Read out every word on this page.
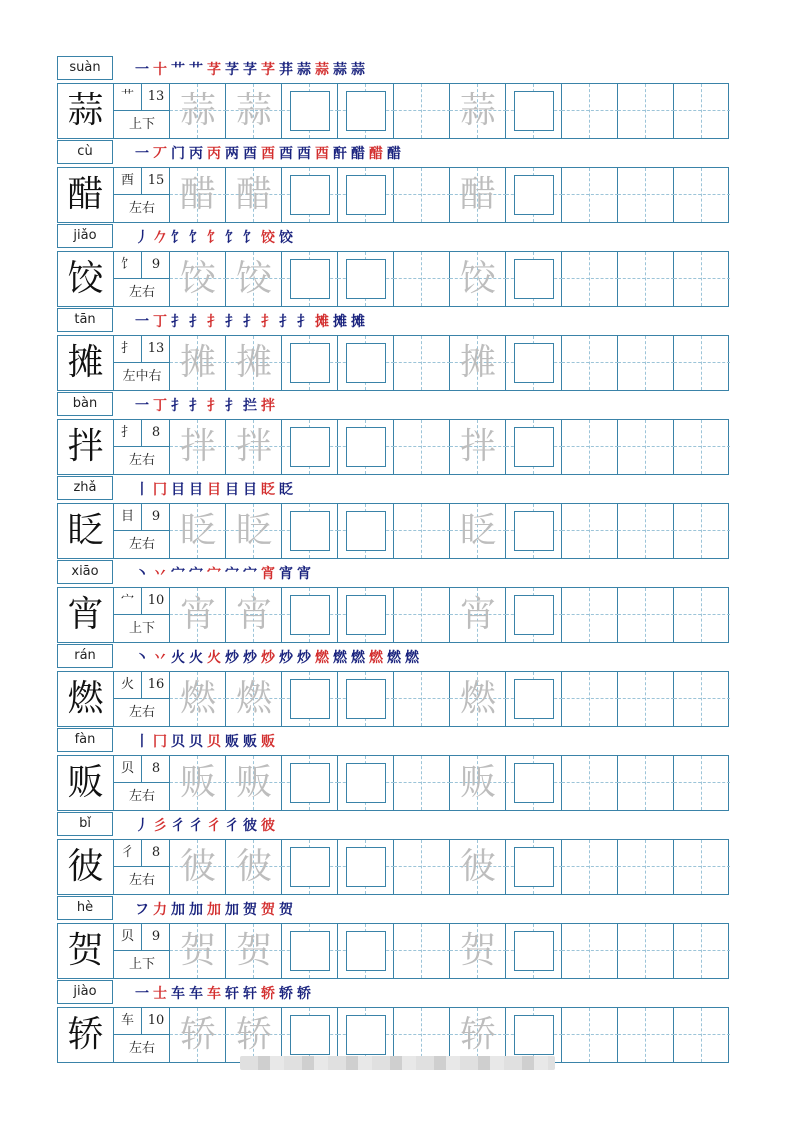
suàn	一 十 艹 艹 芓 芓 芓 芓 荓 蒜 蒜 蒜 蒜
蒜	艹	13
上下 蒜 蒜	蒜
cù	一 丆 门 丙 丙 两 酉 酉 酉 酉 酉 酐 醋 醋 醋
醋	酉	15
左右 醋 醋	醋
jiǎo	丿 𠂊 饣 饣 饣 饣 饣 饺 饺
饺	饣	9
左右 饺 饺	饺
tān	一 丁 扌 扌 扌 扌 扌 扌 扌 扌 摊 摊 摊
摊	扌	13
左中右 摊 摊	摊
bàn	一 丁 扌 扌 扌 扌 拦 拌
拌	扌	8
左右 拌 拌	拌
zhǎ	丨 冂 目 目 目 目 目 眨 眨
眨	目	9
左右 眨 眨	眨
xiāo	丶 丷 宀 宀 宀 宀 宀 宵 宵 宵
宵	宀	10
上下 宵 宵	宵
rán	丶 丷 火 火 火 炒 炒 炒 炒 炒 燃 燃 燃 燃 燃 燃
燃	火	16
左右 燃 燃	燃
fàn	丨 冂 贝 贝 贝 贩 贩 贩
贩	贝	8
左右 贩 贩	贩
bǐ	丿 彡 彳 彳 彳 彳 彼 彼
彼	彳	8
左右 彼 彼	彼
hè	フ 力 加 加 加 加 贺 贺 贺
贺	贝	9
上下 贺 贺	贺
jiào	一 士 车 车 车 轩 轩 轿 轿 轿
轿	车	10
左右 轿 轿	轿
